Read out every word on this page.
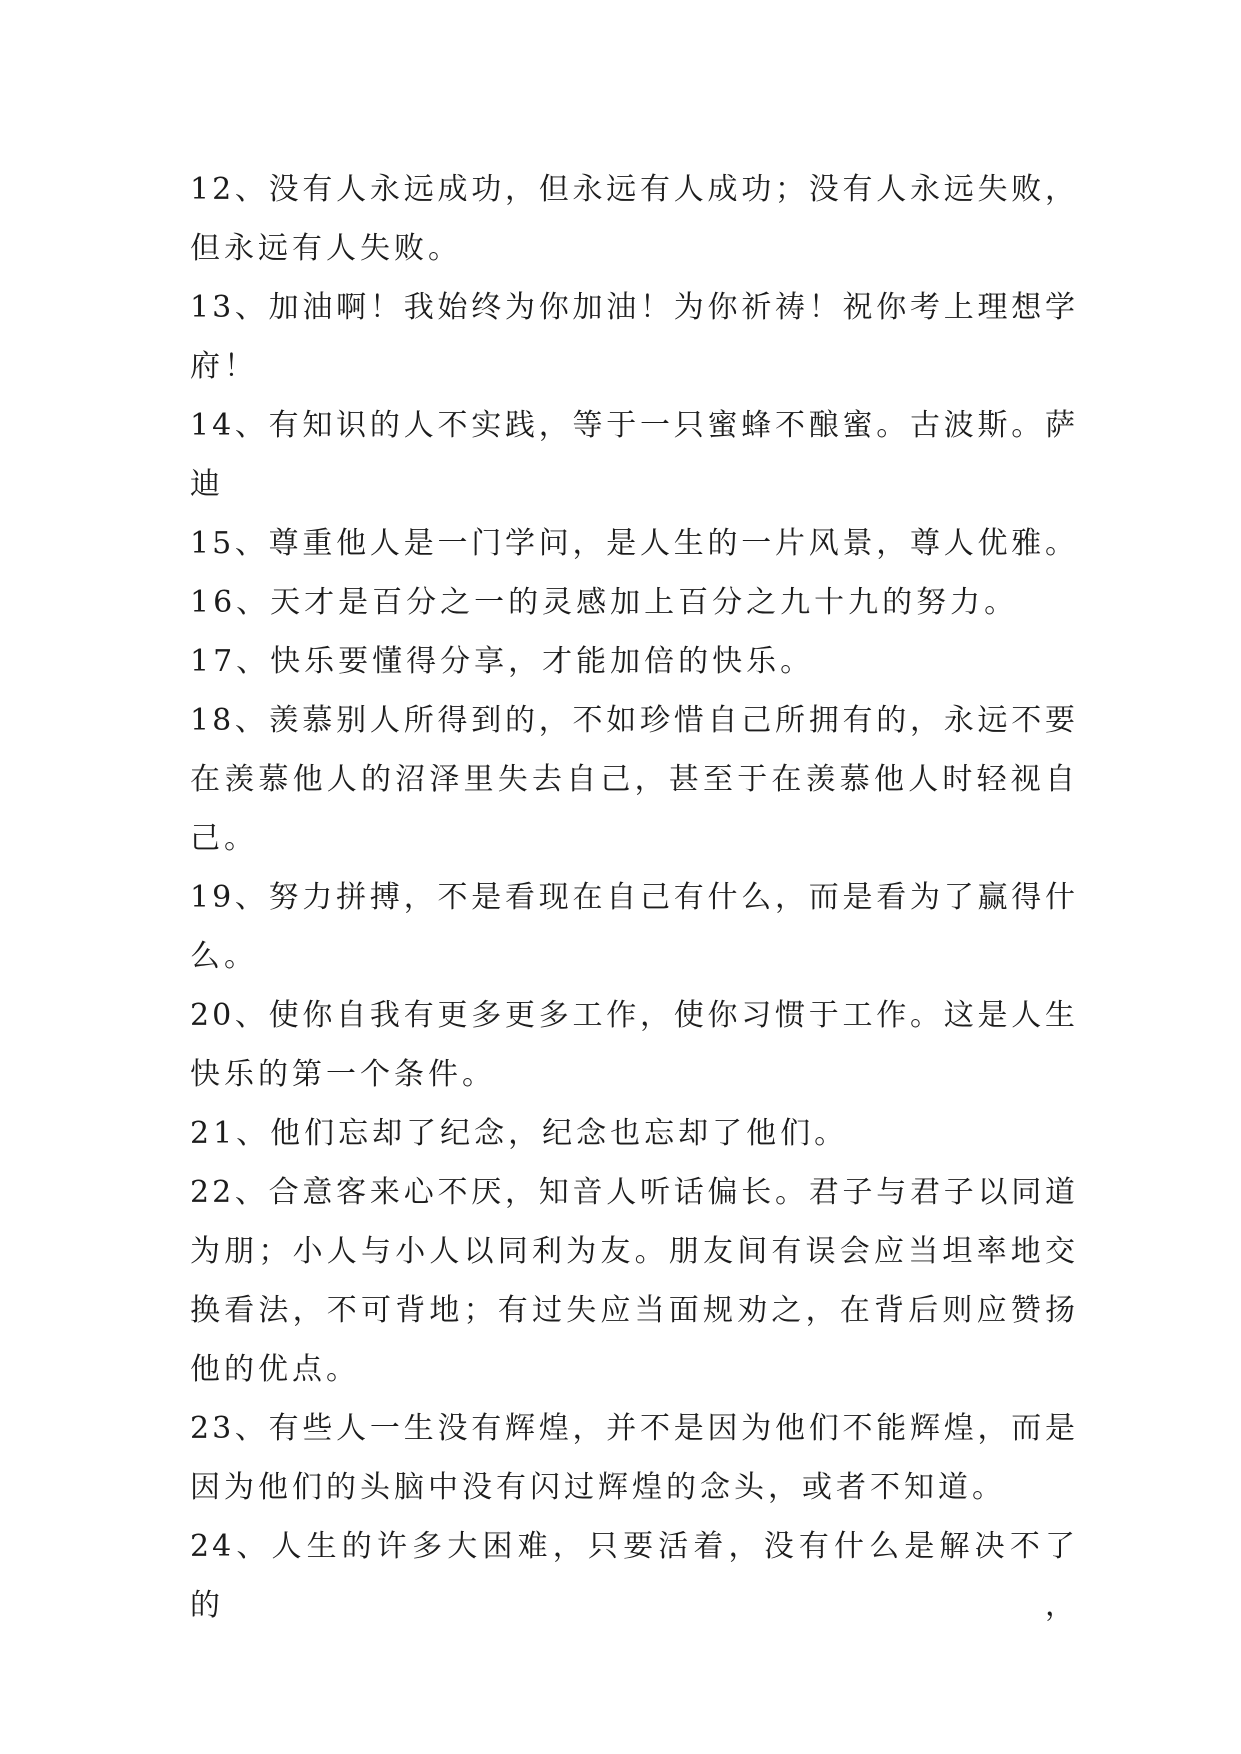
12、没有人永远成功，但永远有人成功；没有人永远失败，
但永远有人失败。
13、加油啊！我始终为你加油！为你祈祷！祝你考上理想学
府！
14、有知识的人不实践，等于一只蜜蜂不酿蜜。古波斯。萨
迪
15、尊重他人是一门学问，是人生的一片风景，尊人优雅。
16、天才是百分之一的灵感加上百分之九十九的努力。
17、快乐要懂得分享，才能加倍的快乐。
18、羡慕别人所得到的，不如珍惜自己所拥有的，永远不要
在羡慕他人的沼泽里失去自己，甚至于在羡慕他人时轻视自
己。
19、努力拼搏，不是看现在自己有什么，而是看为了赢得什
么。
20、使你自我有更多更多工作，使你习惯于工作。这是人生
快乐的第一个条件。
21、他们忘却了纪念，纪念也忘却了他们。
22、合意客来心不厌，知音人听话偏长。君子与君子以同道
为朋；小人与小人以同利为友。朋友间有误会应当坦率地交
换看法，不可背地；有过失应当面规劝之，在背后则应赞扬
他的优点。
23、有些人一生没有辉煌，并不是因为他们不能辉煌，而是
因为他们的头脑中没有闪过辉煌的念头，或者不知道。
24、人生的许多大困难，只要活着，没有什么是解决不了的，
